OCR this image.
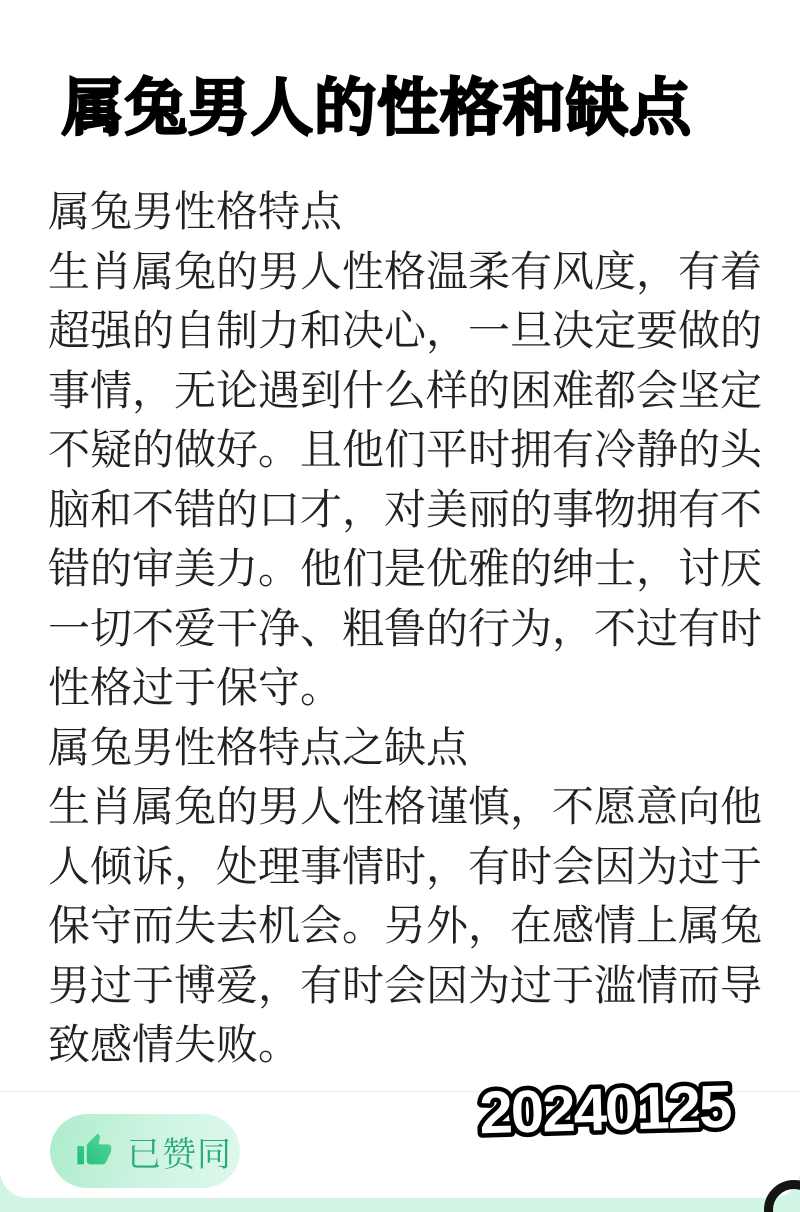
属兔男人的性格和缺点
属兔男性格特点
生肖属兔的男人性格温柔有风度，有着
超强的自制力和决心，一旦决定要做的
事情，无论遇到什么样的困难都会坚定
不疑的做好。且他们平时拥有冷静的头
脑和不错的口才，对美丽的事物拥有不
错的审美力。他们是优雅的绅士，讨厌
一切不爱干净、粗鲁的行为，不过有时
性格过于保守。
属兔男性格特点之缺点
生肖属兔的男人性格谨慎，不愿意向他
人倾诉，处理事情时，有时会因为过于
保守而失去机会。另外，在感情上属兔
男过于博爱，有时会因为过于滥情而导
致感情失败。
20240125
已赞同
